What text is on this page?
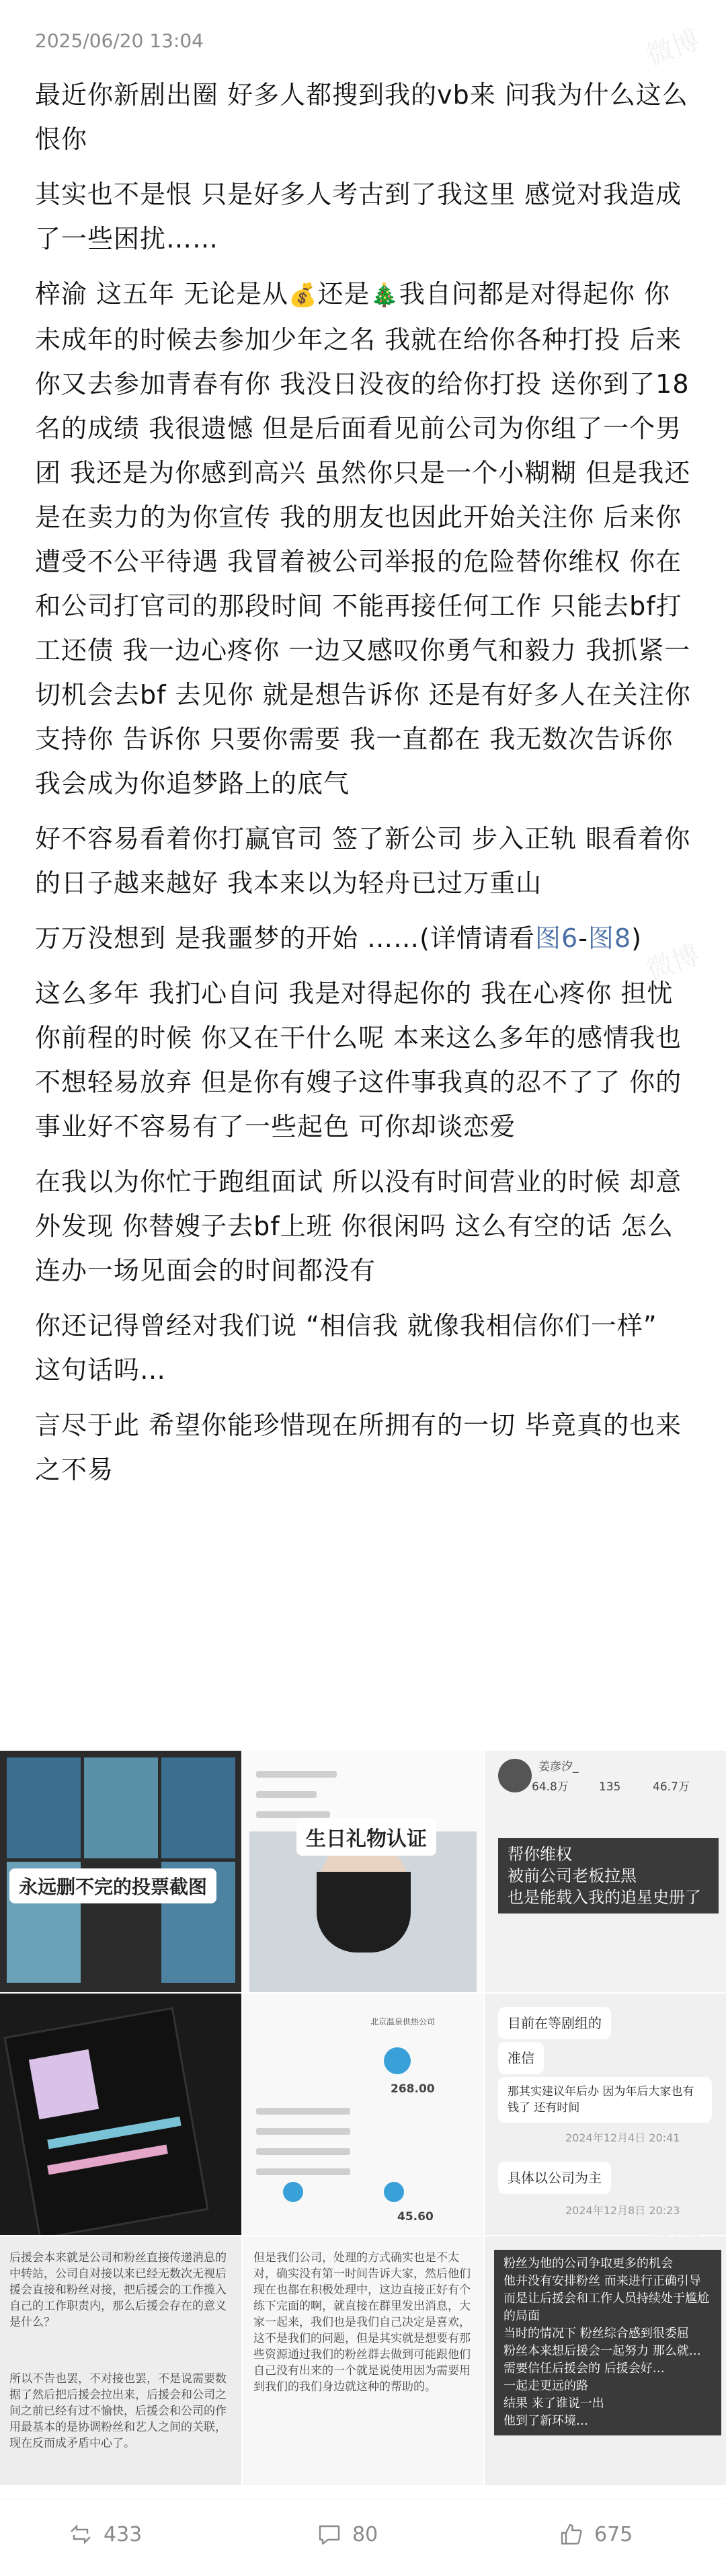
微博
微博
2025/06/20 13:04

最近你新剧出圈 好多人都搜到我的vb来 问我为什么这么恨你

其实也不是恨 只是好多人考古到了我这里 感觉对我造成了一些困扰……

梓渝 这五年 无论是从💰还是🎄我自问都是对得起你 你未成年的时候去参加少年之名 我就在给你各种打投 后来你又去参加青春有你 我没日没夜的给你打投 送你到了18名的成绩 我很遗憾 但是后面看见前公司为你组了一个男团 我还是为你感到高兴 虽然你只是一个小糊糊 但是我还是在卖力的为你宣传 我的朋友也因此开始关注你 后来你遭受不公平待遇 我冒着被公司举报的危险替你维权 你在和公司打官司的那段时间 不能再接任何工作 只能去bf打工还债 我一边心疼你 一边又感叹你勇气和毅力 我抓紧一切机会去bf 去见你 就是想告诉你 还是有好多人在关注你支持你 告诉你 只要你需要 我一直都在 我无数次告诉你我会成为你追梦路上的底气

好不容易看着你打赢官司 签了新公司 步入正轨 眼看着你的日子越来越好 我本来以为轻舟已过万重山

万万没想到 是我噩梦的开始 ……(详情请看图6-图8)

这么多年 我扪心自问 我是对得起你的 我在心疼你 担忧你前程的时候 你又在干什么呢 本来这么多年的感情我也不想轻易放弃 但是你有嫂子这件事我真的忍不了了 你的事业好不容易有了一些起色 可你却谈恋爱

在我以为你忙于跑组面试 所以没有时间营业的时候 却意外发现 你替嫂子去bf上班 你很闲吗 这么有空的话 怎么连办一场见面会的时间都没有

你还记得曾经对我们说 “相信我 就像我相信你们一样” 这句话吗…

言尽于此 希望你能珍惜现在所拥有的一切 毕竟真的也来之不易

永远删不完的投票截图
生日礼物认证
姜彦汐_
64.8万	135	46.7万
帮你维权
被前公司老板拉黑
也是能载入我的追星史册了
北京温泉供热公司
268.00
45.60
目前在等剧组的
准信
那其实建议年后办 因为年后大家也有钱了 还有时间
2024年12月4日 20:41
具体以公司为主
2024年12月8日 20:23
后援会本来就是公司和粉丝直接传递消息的中转站，公司自对接以来已经无数次无视后援会直接和粉丝对接，把后援会的工作揽入自己的工作职责内，那么后援会存在的意义是什么？
所以不告也罢，不对接也罢，不是说需要数据了然后把后援会拉出来，后援会和公司之间之前已经有过不愉快，后援会和公司的作用最基本的是协调粉丝和艺人之间的关联，现在反而成矛盾中心了。
但是我们公司，处理的方式确实也是不太对，确实没有第一时间告诉大家，然后他们现在也都在积极处理中，这边直接正好有个练下完面的啊，就直接在群里发出消息，大家一起来，我们也是我们自己决定是喜欢，这不是我们的问题，但是其实就是想要有那些资源通过我们的粉丝群去做到可能跟他们自己没有出来的一个就是说使用因为需要用到我们的我们身边就这种的帮助的。
粉丝为他的公司争取更多的机会
他并没有安排粉丝 而来进行正确引导
而是让后援会和工作人员持续处于尴尬的局面
当时的情况下 粉丝综合感到很委屈
粉丝本来想后援会一起努力 那么就…
需要信任后援会的 后援会好…
一起走更远的路
结果 来了谁说一出
他到了新环境…
433	80	675
